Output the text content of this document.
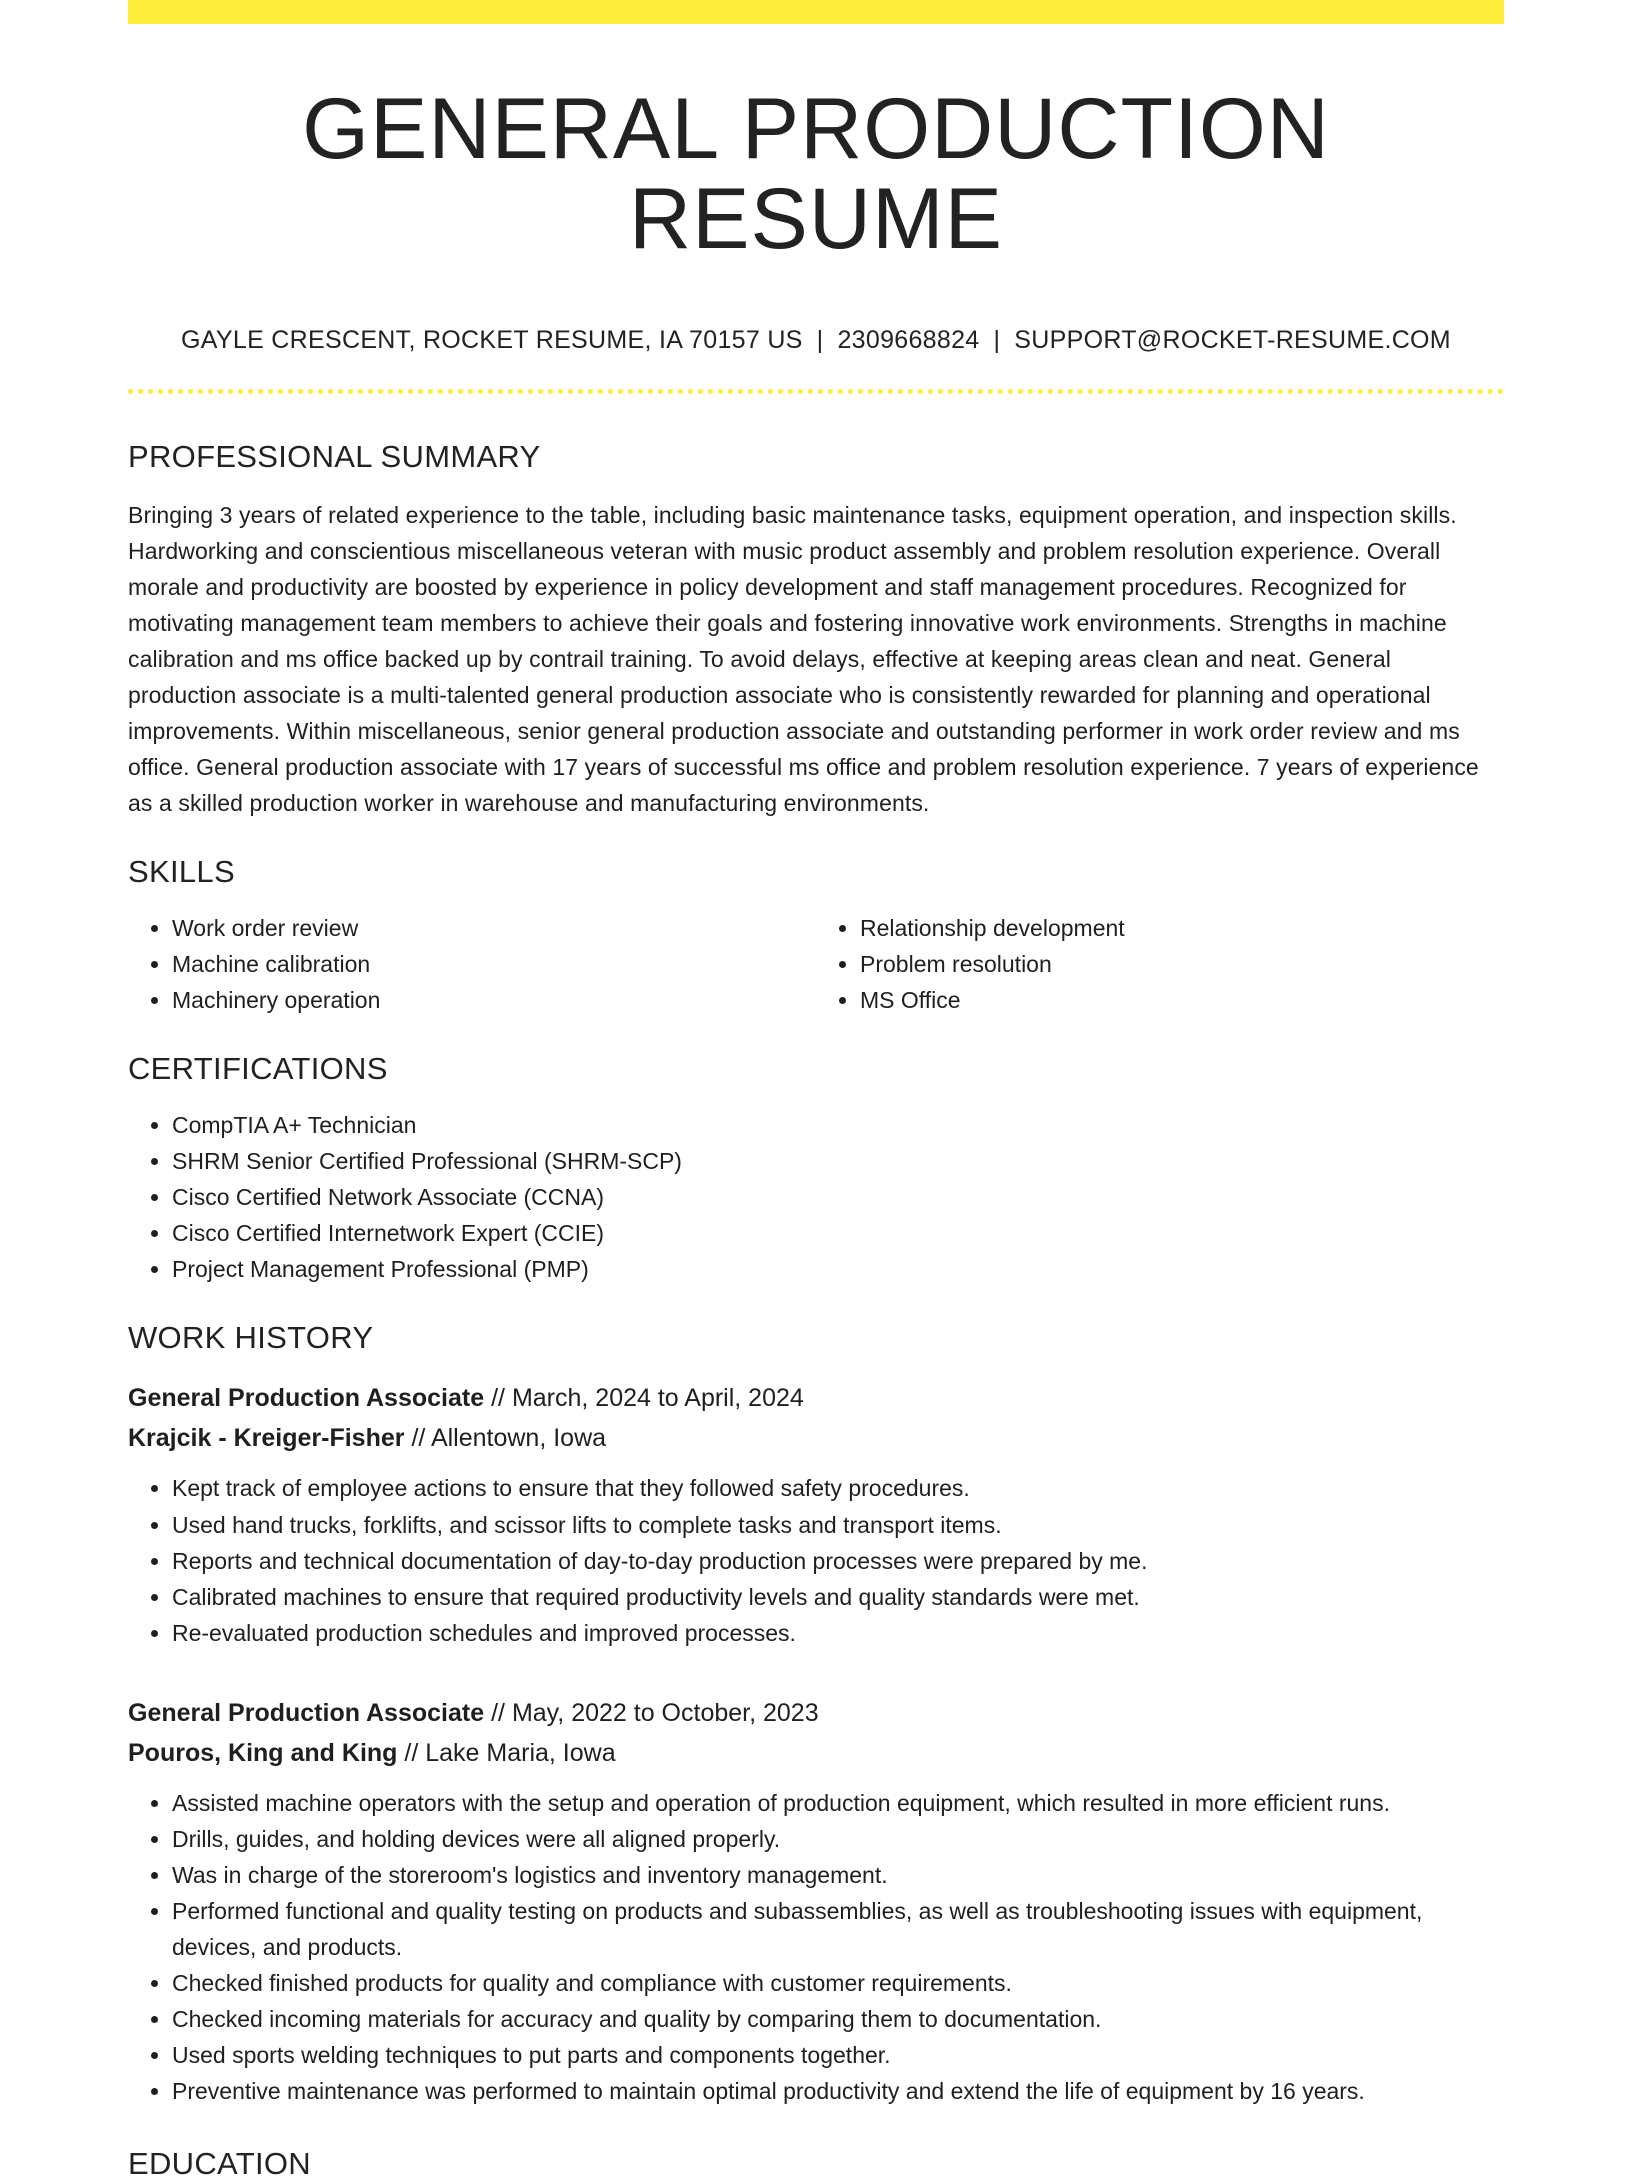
GENERAL PRODUCTION RESUME
GAYLE CRESCENT, ROCKET RESUME, IA 70157 US | 2309668824 | SUPPORT@ROCKET-RESUME.COM
PROFESSIONAL SUMMARY

Bringing 3 years of related experience to the table, including basic maintenance tasks, equipment operation, and inspection skills. Hardworking and conscientious miscellaneous veteran with music product assembly and problem resolution experience. Overall morale and productivity are boosted by experience in policy development and staff management procedures. Recognized for motivating management team members to achieve their goals and fostering innovative work environments. Strengths in machine calibration and ms office backed up by contrail training. To avoid delays, effective at keeping areas clean and neat. General production associate is a multi-talented general production associate who is consistently rewarded for planning and operational improvements. Within miscellaneous, senior general production associate and outstanding performer in work order review and ms office. General production associate with 17 years of successful ms office and problem resolution experience. 7 years of experience as a skilled production worker in warehouse and manufacturing environments.

SKILLS
• Work order review
• Machine calibration
• Machinery operation
• Relationship development
• Problem resolution
• MS Office
CERTIFICATIONS
• CompTIA A+ Technician
• SHRM Senior Certified Professional (SHRM-SCP)
• Cisco Certified Network Associate (CCNA)
• Cisco Certified Internetwork Expert (CCIE)
• Project Management Professional (PMP)
WORK HISTORY
General Production Associate // March, 2024 to April, 2024
Krajcik - Kreiger-Fisher // Allentown, Iowa
• Kept track of employee actions to ensure that they followed safety procedures.
• Used hand trucks, forklifts, and scissor lifts to complete tasks and transport items.
• Reports and technical documentation of day-to-day production processes were prepared by me.
• Calibrated machines to ensure that required productivity levels and quality standards were met.
• Re-evaluated production schedules and improved processes.
General Production Associate // May, 2022 to October, 2023
Pouros, King and King // Lake Maria, Iowa
• Assisted machine operators with the setup and operation of production equipment, which resulted in more efficient runs.
• Drills, guides, and holding devices were all aligned properly.
• Was in charge of the storeroom's logistics and inventory management.
• Performed functional and quality testing on products and subassemblies, as well as troubleshooting issues with equipment, devices, and products.
• Checked finished products for quality and compliance with customer requirements.
• Checked incoming materials for accuracy and quality by comparing them to documentation.
• Used sports welding techniques to put parts and components together.
• Preventive maintenance was performed to maintain optimal productivity and extend the life of equipment by 16 years.
EDUCATION
